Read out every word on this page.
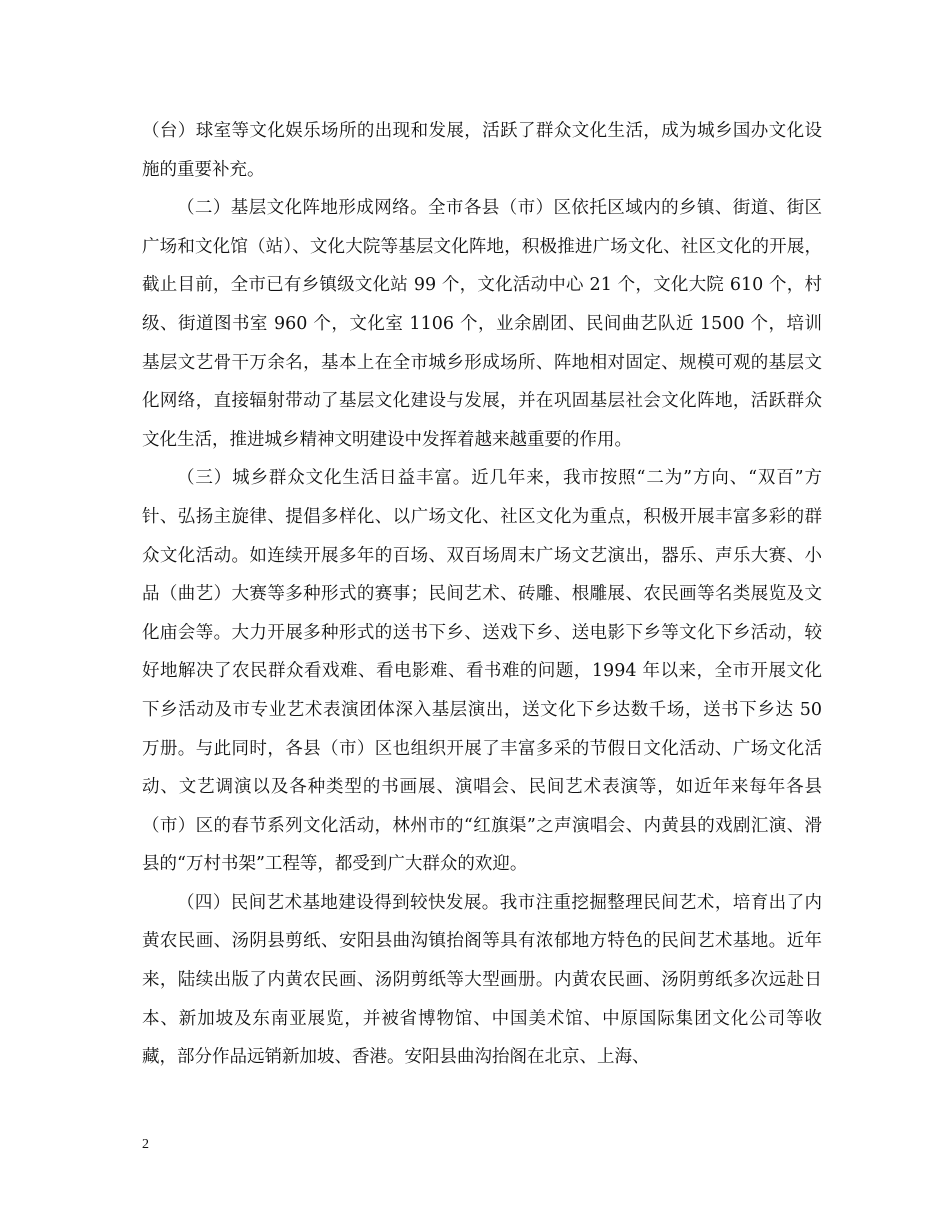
（台）球室等文化娱乐场所的出现和发展，活跃了群众文化生活，成为城乡国办文化设施的重要补充。

（二）基层文化阵地形成网络。全市各县（市）区依托区域内的乡镇、街道、街区广场和文化馆（站）、文化大院等基层文化阵地，积极推进广场文化、社区文化的开展，截止目前，全市已有乡镇级文化站 99 个，文化活动中心 21 个，文化大院 610 个，村级、街道图书室 960 个，文化室 1106 个，业余剧团、民间曲艺队近 1500 个，培训基层文艺骨干万余名，基本上在全市城乡形成场所、阵地相对固定、规模可观的基层文化网络，直接辐射带动了基层文化建设与发展，并在巩固基层社会文化阵地，活跃群众文化生活，推进城乡精神文明建设中发挥着越来越重要的作用。

（三）城乡群众文化生活日益丰富。近几年来，我市按照“二为”方向、“双百”方针、弘扬主旋律、提倡多样化、以广场文化、社区文化为重点，积极开展丰富多彩的群众文化活动。如连续开展多年的百场、双百场周末广场文艺演出，器乐、声乐大赛、小品（曲艺）大赛等多种形式的赛事；民间艺术、砖雕、根雕展、农民画等名类展览及文化庙会等。大力开展多种形式的送书下乡、送戏下乡、送电影下乡等文化下乡活动，较好地解决了农民群众看戏难、看电影难、看书难的问题，1994 年以来，全市开展文化下乡活动及市专业艺术表演团体深入基层演出，送文化下乡达数千场，送书下乡达 50 万册。与此同时，各县（市）区也组织开展了丰富多采的节假日文化活动、广场文化活动、文艺调演以及各种类型的书画展、演唱会、民间艺术表演等，如近年来每年各县（市）区的春节系列文化活动，林州市的“红旗渠”之声演唱会、内黄县的戏剧汇演、滑县的“万村书架”工程等，都受到广大群众的欢迎。

（四）民间艺术基地建设得到较快发展。我市注重挖掘整理民间艺术，培育出了内黄农民画、汤阴县剪纸、安阳县曲沟镇抬阁等具有浓郁地方特色的民间艺术基地。近年来，陆续出版了内黄农民画、汤阴剪纸等大型画册。内黄农民画、汤阴剪纸多次远赴日本、新加坡及东南亚展览，并被省博物馆、中国美术馆、中原国际集团文化公司等收藏，部分作品远销新加坡、香港。安阳县曲沟抬阁在北京、上海、

2
